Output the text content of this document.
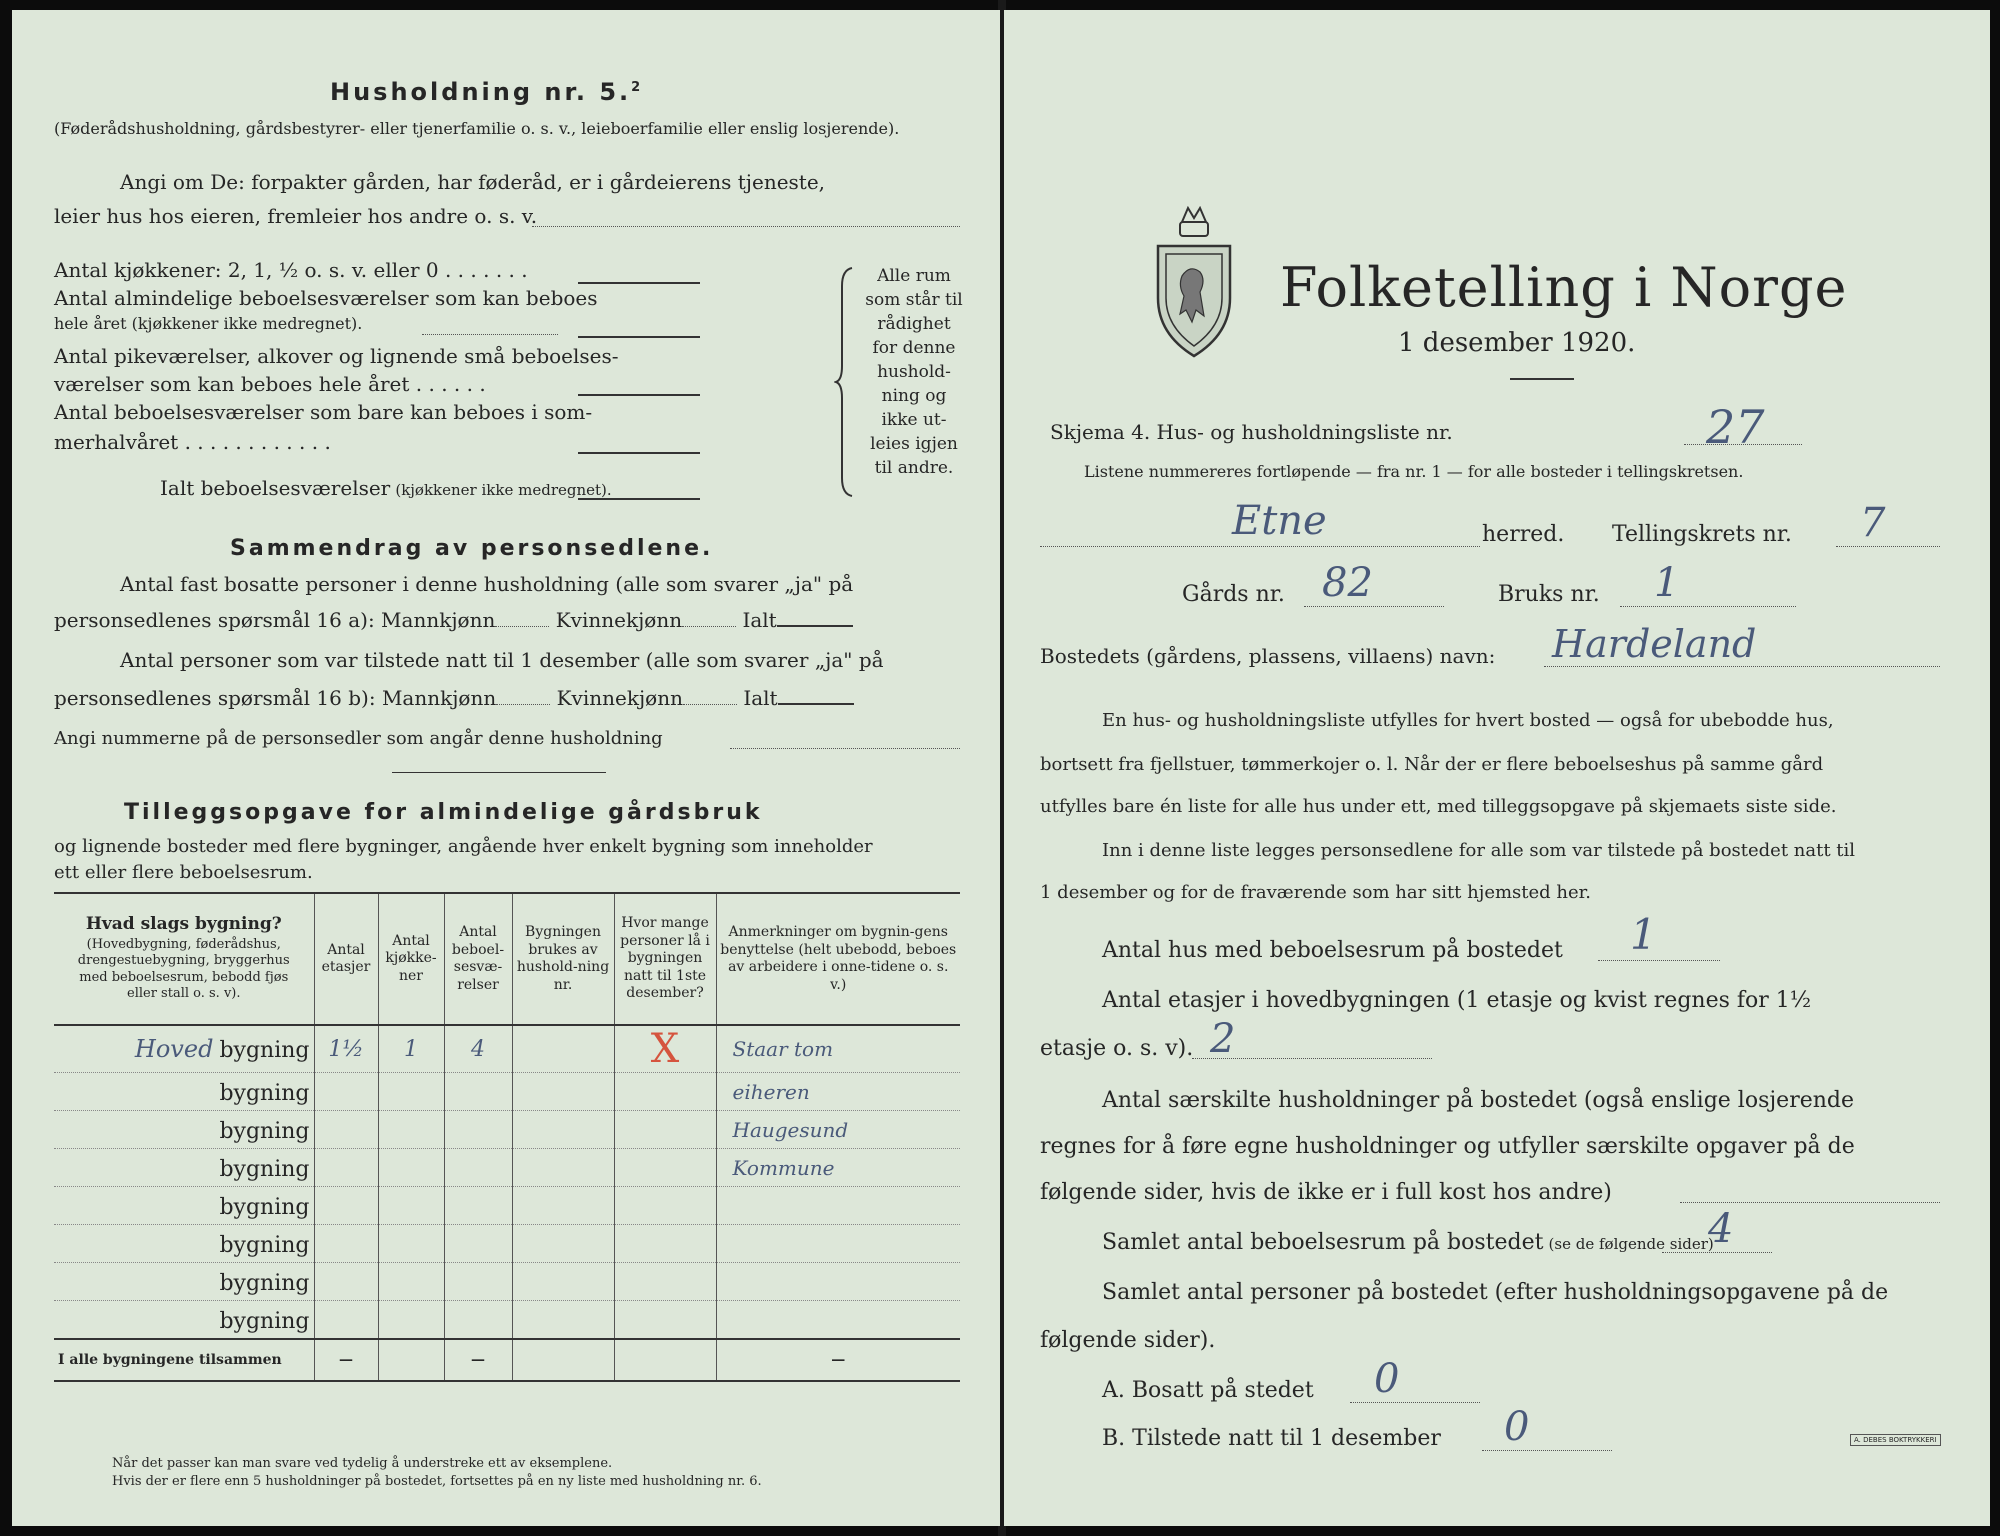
Husholdning nr. 5.$^2$
(Føderådshusholdning, gårdsbestyrer- eller tjenerfamilie o. s. v., leieboerfamilie eller enslig losjerende).
Angi om De: forpakter gården, har føderåd, er i gårdeierens tjeneste,
leier hus hos eieren, fremleier hos andre o. s. v.
Antal kjøkkener: 2, 1, ½ o. s. v. eller 0 . . . . . . .
Antal almindelige beboelsesværelser som kan beboes
hele året (kjøkkener ikke medregnet).
Antal pikeværelser, alkover og lignende små beboelses-
værelser som kan beboes hele året . . . . . .
Antal beboelsesværelser som bare kan beboes i som-
merhalvåret . . . . . . . . . . . .
Ialt beboelsesværelser (kjøkkener ikke medregnet).
Alle rum
som står til
rådighet
for denne
hushold-
ning og
ikke ut-
leies igjen
til andre.
Sammendrag av personsedlene.
Antal fast bosatte personer i denne husholdning (alle som svarer „ja" på
personsedlenes spørsmål 16 a): Mannkjønn	Kvinnekjønn	Ialt
Antal personer som var tilstede natt til 1 desember (alle som svarer „ja" på
personsedlenes spørsmål 16 b): Mannkjønn	Kvinnekjønn	Ialt
Angi nummerne på de personsedler som angår denne husholdning
Tilleggsopgave for almindelige gårdsbruk
og lignende bosteder med flere bygninger, angående hver enkelt bygning som inneholder
ett eller flere beboelsesrum.
Hvad slags bygning?
(Hovedbygning, føderådshus, drengestuebygning, bryggerhus med beboelsesrum, bebodd fjøs eller stall o. s. v).	Antal etasjer	Antal kjøkke-ner	Antal beboel-sesvæ-relser	Bygningen brukes av hushold-ning nr.	Hvor mange personer lå i bygningen natt til 1ste desember?	Anmerkninger om bygnin-gens benyttelse (helt ubebodd, beboes av arbeidere i onne-tidene o. s. v.)
Hoved bygning	1½	1	4		X	Staar tom
bygning						eiheren
bygning						Haugesund
bygning						Kommune
bygning						
bygning						
bygning						
bygning						
I alle bygningene tilsammen	—		—			—
Når det passer kan man svare ved tydelig å understreke ett av eksemplene.
Hvis der er flere enn 5 husholdninger på bostedet, fortsettes på en ny liste med husholdning nr. 6.
Folketelling i Norge
1 desember 1920.
Skjema 4. Hus- og husholdningsliste nr.	27
Listene nummereres fortløpende — fra nr. 1 — for alle bosteder i tellingskretsen.
Etne	herred. Tellingskrets nr. 7
Gårds nr. 82	Bruks nr. 1
Bostedets (gårdens, plassens, villaens) navn: Hardeland
En hus- og husholdningsliste utfylles for hvert bosted — også for ubebodde hus,
bortsett fra fjellstuer, tømmerkojer o. l. Når der er flere beboelseshus på samme gård
utfylles bare én liste for alle hus under ett, med tilleggsopgave på skjemaets siste side.
Inn i denne liste legges personsedlene for alle som var tilstede på bostedet natt til
1 desember og for de fraværende som har sitt hjemsted her.
Antal hus med beboelsesrum på bostedet 1
Antal etasjer i hovedbygningen (1 etasje og kvist regnes for 1½
etasje o. s. v). 2
Antal særskilte husholdninger på bostedet (også enslige losjerende
regnes for å føre egne husholdninger og utfyller særskilte opgaver på de
følgende sider, hvis de ikke er i full kost hos andre)
Samlet antal beboelsesrum på bostedet (se de følgende sider)
4
Samlet antal personer på bostedet (efter husholdningsopgavene på de
følgende sider).
A. Bosatt på stedet 0
B. Tilstede natt til 1 desember 0	A. DEBES BOKTRYKKERI
